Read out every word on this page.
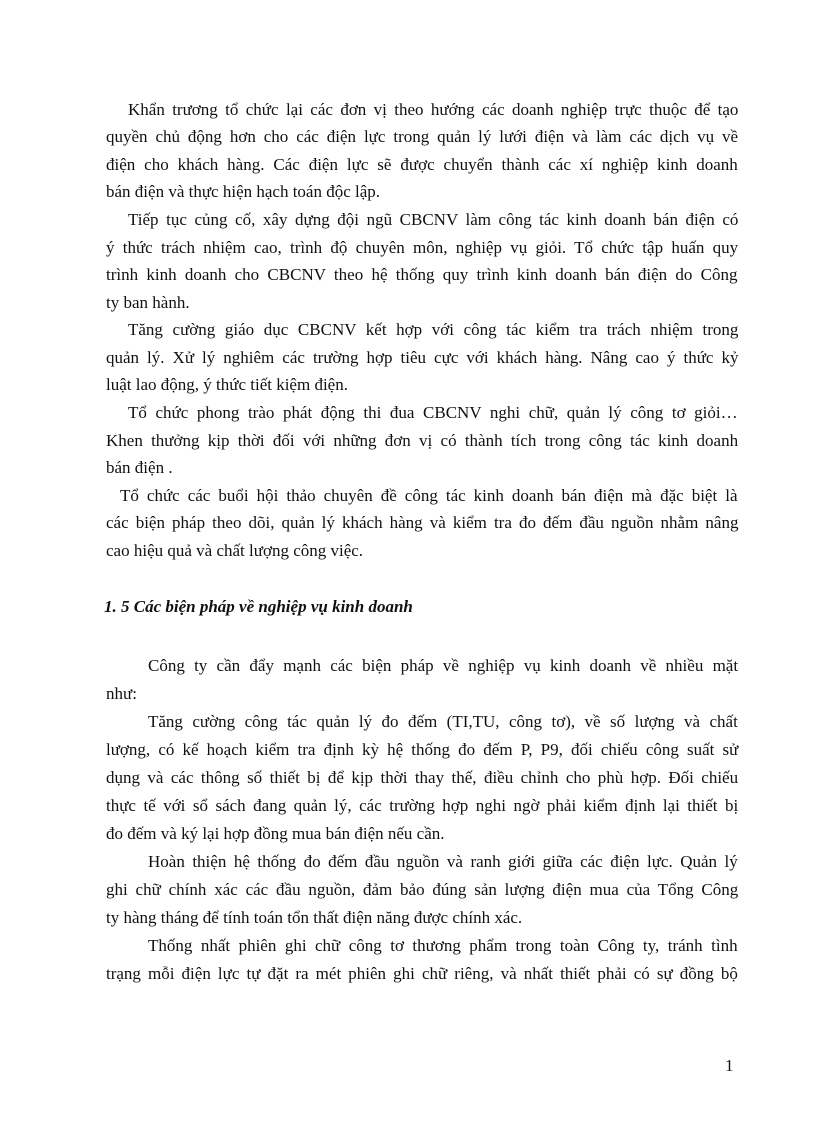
Khẩn trương tổ chức lại các đơn vị theo hướng các doanh nghiệp trực thuộc để tạo
quyền chủ động hơn cho các điện lực trong quản lý lưới điện và làm các dịch vụ về
điện cho khách hàng. Các điện lực sẽ được chuyển thành các xí nghiệp kinh doanh
bán điện và thực hiện hạch toán độc lập.
Tiếp tục củng cố, xây dựng đội ngũ CBCNV làm công tác kinh doanh bán điện có
ý thức trách nhiệm cao, trình độ chuyên môn, nghiệp vụ giỏi. Tổ chức tập huấn quy
trình kinh doanh cho CBCNV theo hệ thống quy trình kinh doanh bán điện do Công
ty ban hành.
Tăng cường giáo dục CBCNV kết hợp với công tác kiểm tra trách nhiệm trong
quản lý. Xử lý nghiêm các trường hợp tiêu cực với khách hàng. Nâng cao ý thức kỷ
luật lao động, ý thức tiết kiệm điện.
Tổ chức phong trào phát động thi đua CBCNV nghi chữ, quản lý công tơ giỏi…
Khen thưởng kịp thời đối với những đơn vị có thành tích trong công tác kinh doanh
bán điện .
Tổ chức các buổi hội thảo chuyên đề công tác kinh doanh bán điện mà đặc biệt là
các biện pháp theo dõi, quản lý khách hàng và kiểm tra đo đếm đầu nguồn nhằm nâng
cao hiệu quả và chất lượng công việc.
1. 5 Các biện pháp về nghiệp vụ kinh doanh
Công ty cần đẩy mạnh các biện pháp về nghiệp vụ kinh doanh về nhiều mặt
như:
Tăng cường công tác quản lý đo đếm (TI,TU, công tơ), về số lượng và chất
lượng, có kế hoạch kiểm tra định kỳ hệ thống đo đếm P, P9, đối chiếu công suất sử
dụng và các thông số thiết bị để kịp thời thay thế, điều chỉnh cho phù hợp. Đối chiếu
thực tế với sổ sách đang quản lý, các trường hợp nghi ngờ phải kiểm định lại thiết bị
đo đếm và ký lại hợp đồng mua bán điện nếu cần.
Hoàn thiện hệ thống đo đếm đầu nguồn và ranh giới giữa các điện lực. Quản lý
ghi chữ chính xác các đầu nguồn, đảm bảo đúng sản lượng điện mua của Tổng Công
ty hàng tháng để tính toán tổn thất điện năng được chính xác.
Thống nhất phiên ghi chữ công tơ thương phẩm trong toàn Công ty, tránh tình
trạng mỗi điện lực tự đặt ra mét phiên ghi chữ riêng, và nhất thiết phải có sự đồng bộ
1
